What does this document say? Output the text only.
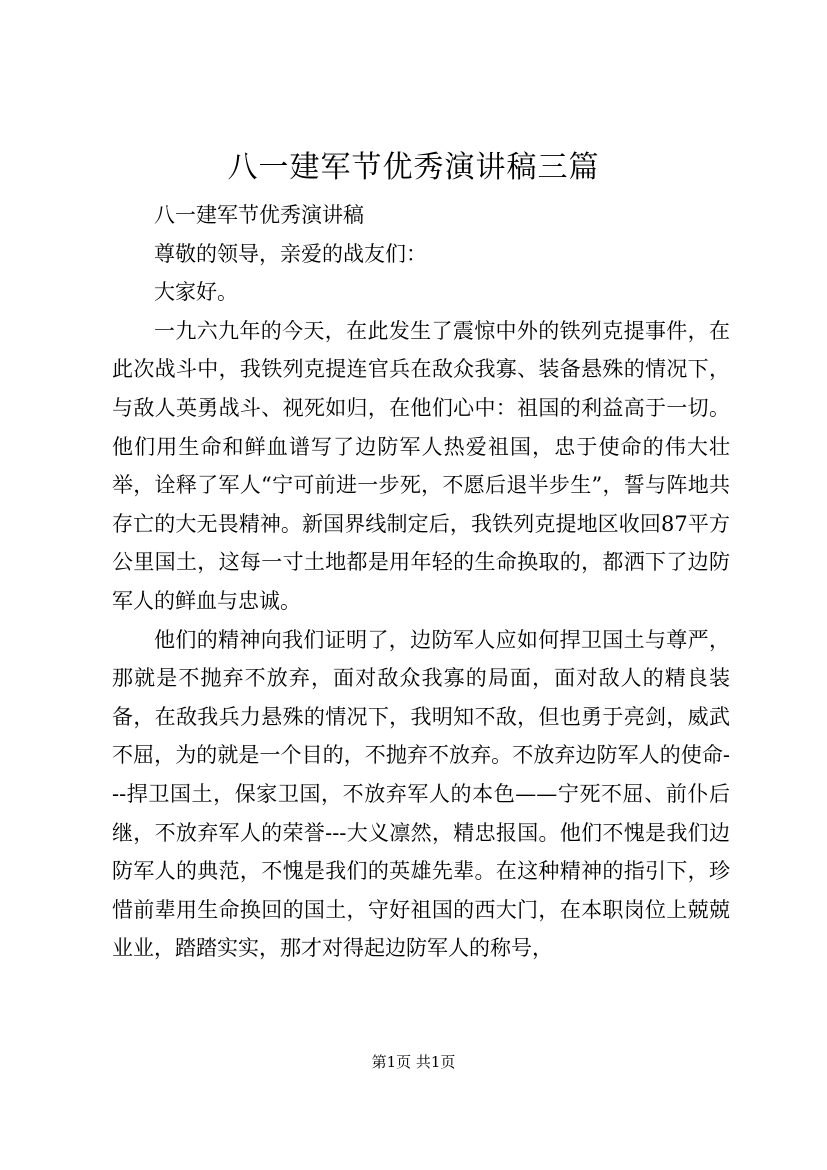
八一建军节优秀演讲稿三篇

八一建军节优秀演讲稿

尊敬的领导，亲爱的战友们：

大家好。

一九六九年的今天，在此发生了震惊中外的铁列克提事件，在此次战斗中，我铁列克提连官兵在敌众我寡、装备悬殊的情况下，与敌人英勇战斗、视死如归，在他们心中：祖国的利益高于一切。他们用生命和鲜血谱写了边防军人热爱祖国，忠于使命的伟大壮举，诠释了军人“宁可前进一步死，不愿后退半步生”，誓与阵地共存亡的大无畏精神。新国界线制定后，我铁列克提地区收回87平方公里国土，这每一寸土地都是用年轻的生命换取的，都洒下了边防军人的鲜血与忠诚。

他们的精神向我们证明了，边防军人应如何捍卫国土与尊严，那就是不抛弃不放弃，面对敌众我寡的局面，面对敌人的精良装备，在敌我兵力悬殊的情况下，我明知不敌，但也勇于亮剑，威武不屈，为的就是一个目的，不抛弃不放弃。不放弃边防军人的使命---捍卫国土，保家卫国，不放弃军人的本色——宁死不屈、前仆后继，不放弃军人的荣誉---大义凛然，精忠报国。他们不愧是我们边防军人的典范，不愧是我们的英雄先辈。在这种精神的指引下，珍惜前辈用生命换回的国土，守好祖国的西大门，在本职岗位上兢兢业业，踏踏实实，那才对得起边防军人的称号，

第1页 共1页
